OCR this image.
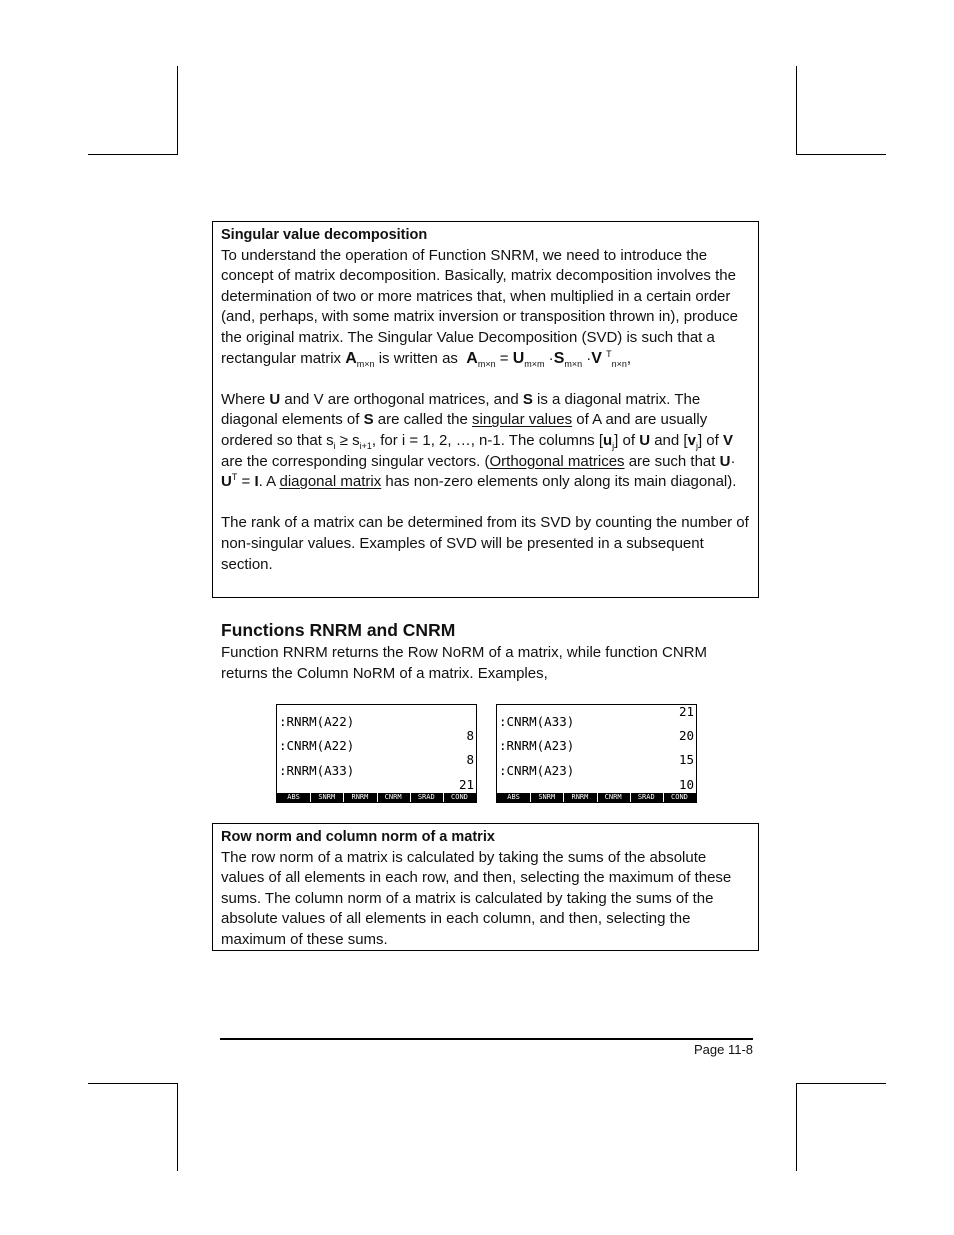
Singular value decomposition

To understand the operation of Function SNRM, we need to introduce the concept of matrix decomposition. Basically, matrix decomposition involves the determination of two or more matrices that, when multiplied in a certain order (and, perhaps, with some matrix inversion or transposition thrown in), produce the original matrix. The Singular Value Decomposition (SVD) is such that a rectangular matrix $A_{m\times n}$ is written as $A_{m\times n} = U_{m\times m} \cdot S_{m\times n} \cdot V$ $^T_{n\times n}$,

Where U and V are orthogonal matrices, and S is a diagonal matrix. The diagonal elements of S are called the singular values of A and are usually ordered so that $s_i \ge s_{i+1}$, for i = 1, 2, …, n-1. The columns $[u_j]$ of U and $[v_j]$ of V are the corresponding singular vectors. (Orthogonal matrices are such that $U\cdot U^T = I$. A diagonal matrix has non-zero elements only along its main diagonal).

The rank of a matrix can be determined from its SVD by counting the number of non-singular values. Examples of SVD will be presented in a subsequent section.

Functions RNRM and CNRM

Function RNRM returns the Row NoRM of a matrix, while function CNRM returns the Column NoRM of a matrix. Examples,

:RNRM(A22)
8
:CNRM(A22)
8
:RNRM(A33)
21
ABS	SNRM	RNRM	CNRM	SRAD	COND
21
:CNRM(A33)
20
:RNRM(A23)
15
:CNRM(A23)
10
ABS	SNRM	RNRM	CNRM	SRAD	COND
Row norm and column norm of a matrix

The row norm of a matrix is calculated by taking the sums of the absolute values of all elements in each row, and then, selecting the maximum of these sums. The column norm of a matrix is calculated by taking the sums of the absolute values of all elements in each column, and then, selecting the maximum of these sums.

Page 11-8
